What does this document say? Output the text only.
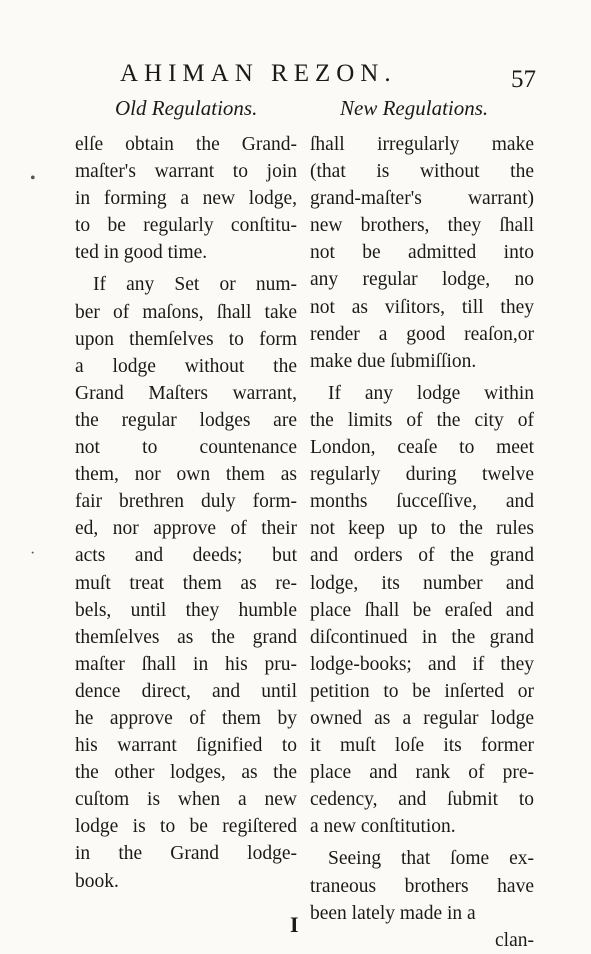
AHIMAN REZON.	57
Old Regulations.	New Regulations.
elſe obtain the Grand-
maſter's warrant to join
in forming a new lodge,
to be regularly conſtitu-
ted in good time.
If any Set or num-
ber of maſons, ſhall take
upon themſelves to form
a lodge without the
Grand Maſters warrant,
the regular lodges are
not to countenance
them, nor own them as
fair brethren duly form-
ed, nor approve of their
acts and deeds; but
muſt treat them as re-
bels, until they humble
themſelves as the grand
maſter ſhall in his pru-
dence direct, and until
he approve of them by
his warrant ſignified to
the other lodges, as the
cuſtom is when a new
lodge is to be regiſtered
in the Grand lodge-
book.
ſhall irregularly make
(that is without the
grand-maſter's warrant)
new brothers, they ſhall
not be admitted into
any regular lodge, no
not as viſitors, till they
render a good reaſon,or
make due ſubmiſſion.
If any lodge within
the limits of the city of
London, ceaſe to meet
regularly during twelve
months ſucceſſive, and
not keep up to the rules
and orders of the grand
lodge, its number and
place ſhall be eraſed and
diſcontinued in the grand
lodge-books; and if they
petition to be inſerted or
owned as a regular lodge
it muſt loſe its former
place and rank of pre-
cedency, and ſubmit to
a new conſtitution.
Seeing that ſome ex-
traneous brothers have
been lately made in a
clan-
I
•
·
